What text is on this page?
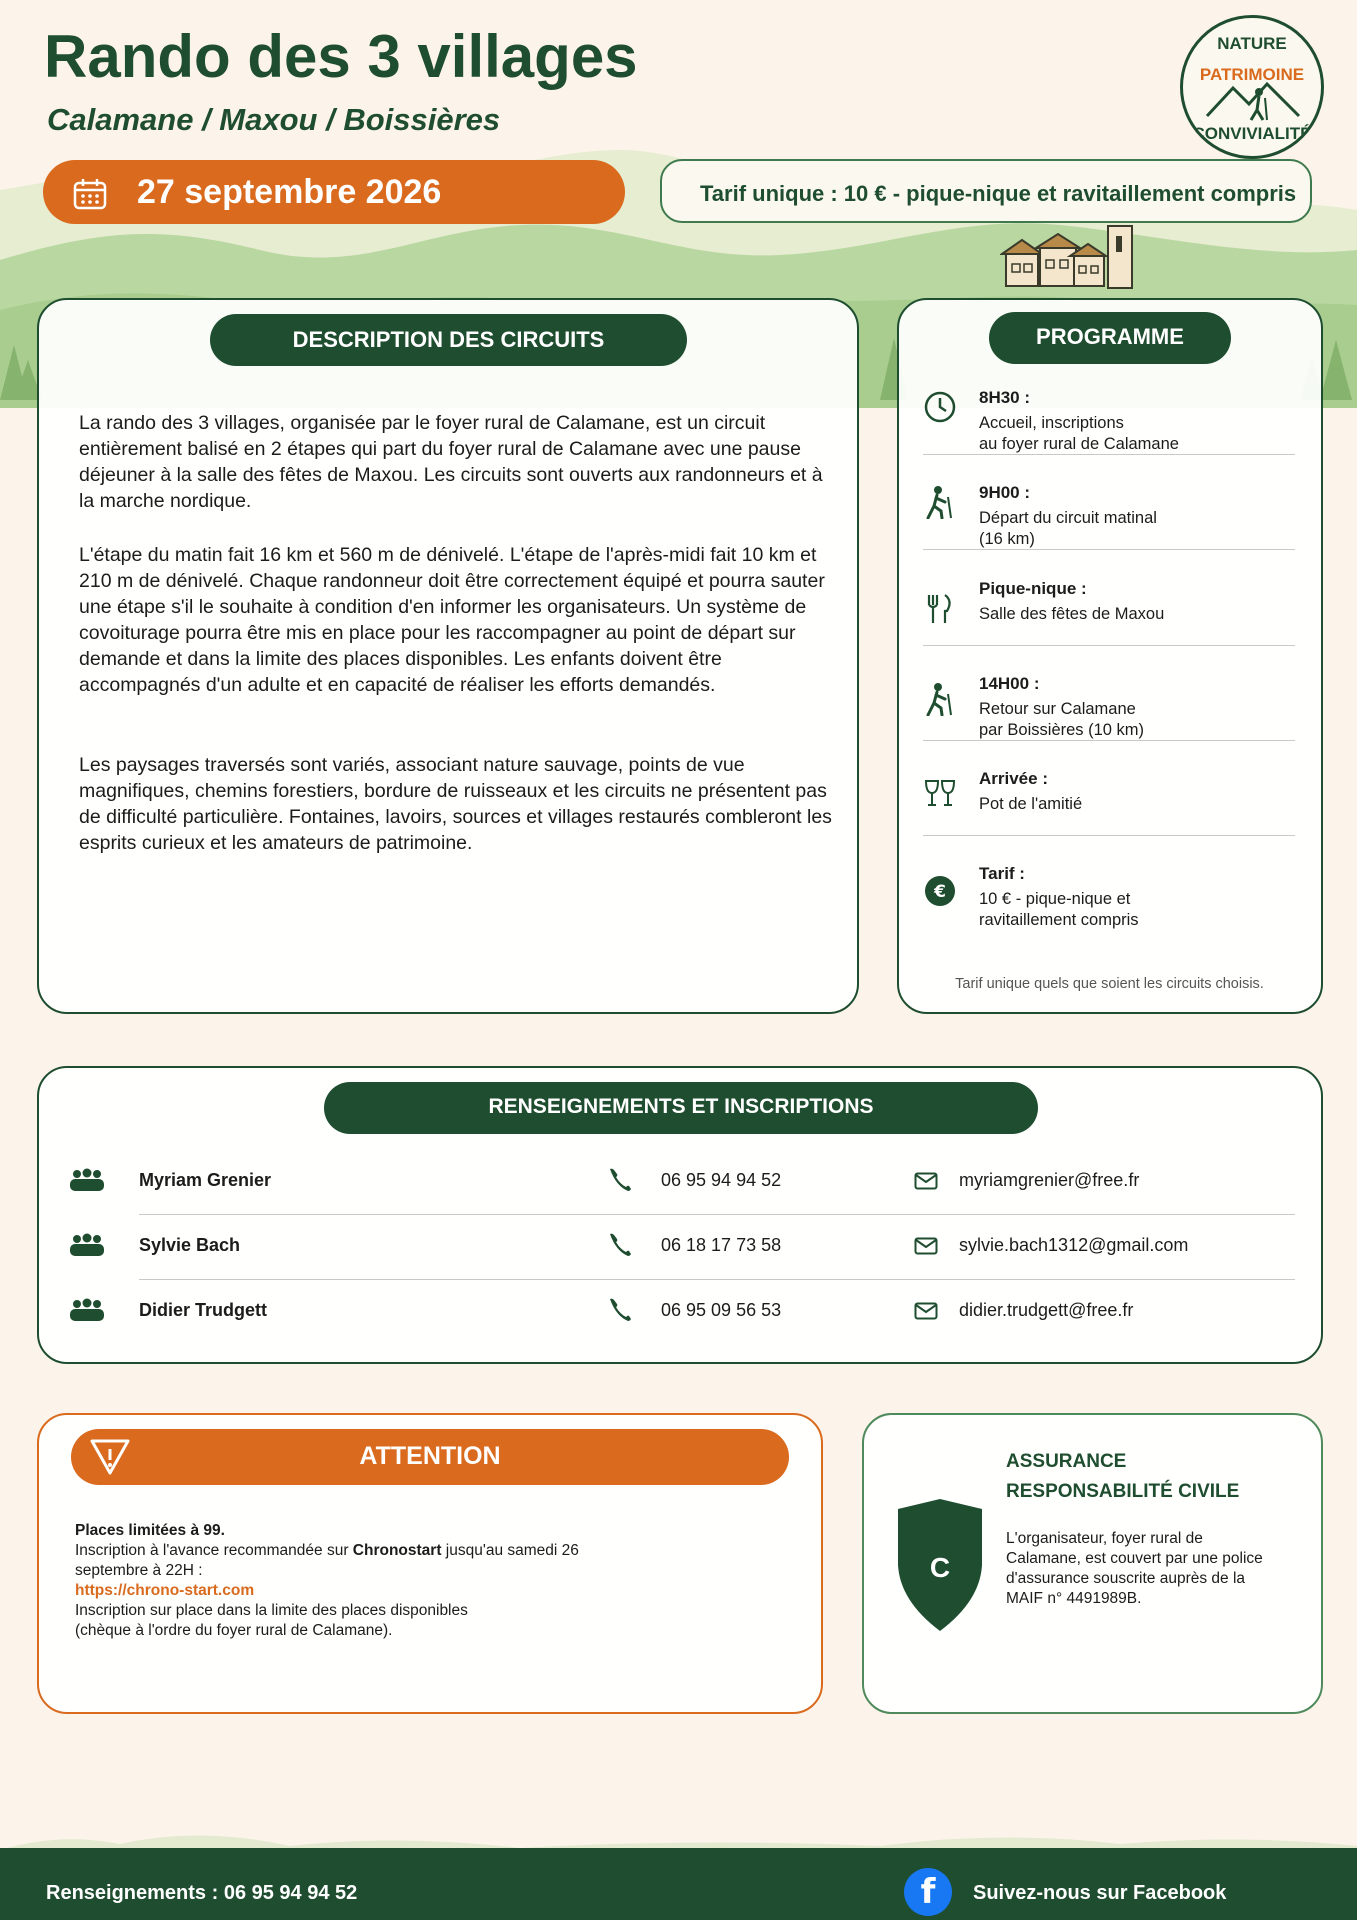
Rando des 3 villages
Calamane / Maxou / Boissières
27 septembre 2026	Tarif unique : 10 € - pique-nique et ravitaillement compris
NATURE
PATRIMOINE
CONVIVIALITÉ
DESCRIPTION DES CIRCUITS

La rando des 3 villages, organisée par le foyer rural de Calamane, est un circuit entièrement balisé en 2 étapes qui part du foyer rural de Calamane avec une pause déjeuner à la salle des fêtes de Maxou. Les circuits sont ouverts aux randonneurs et à la marche nordique.

L'étape du matin fait 16 km et 560 m de dénivelé. L'étape de l'après-midi fait 10 km et 210 m de dénivelé. Chaque randonneur doit être correctement équipé et pourra sauter une étape s'il le souhaite à condition d'en informer les organisateurs. Un système de covoiturage pourra être mis en place pour les raccompagner au point de départ sur demande et dans la limite des places disponibles. Les enfants doivent être accompagnés d'un adulte et en capacité de réaliser les efforts demandés.

Les paysages traversés sont variés, associant nature sauvage, points de vue magnifiques, chemins forestiers, bordure de ruisseaux et les circuits ne présentent pas de difficulté particulière. Fontaines, lavoirs, sources et villages restaurés combleront les esprits curieux et les amateurs de patrimoine.

PROGRAMME
8H30 :
Accueil, inscriptions
au foyer rural de Calamane
9H00 :
Départ du circuit matinal
(16 km)
Pique-nique :
Salle des fêtes de Maxou
14H00 :
Retour sur Calamane
par Boissières (10 km)
Arrivée :
Pot de l'amitié
€
Tarif :
10 € - pique-nique et
ravitaillement compris
Tarif unique quels que soient les circuits choisis.
RENSEIGNEMENTS ET INSCRIPTIONS
Myriam Grenier	06 95 94 94 52	myriamgrenier@free.fr
Sylvie Bach	06 18 17 73 58	sylvie.bach1312@gmail.com
Didier Trudgett	06 95 09 56 53	didier.trudgett@free.fr
ATTENTION
Places limitées à 99.
Inscription à l'avance recommandée sur Chronostart jusqu'au samedi 26
septembre à 22H :
https://chrono-start.com
Inscription sur place dans la limite des places disponibles
(chèque à l'ordre du foyer rural de Calamane).
C
ASSURANCE
RESPONSABILITÉ CIVILE
L'organisateur, foyer rural de
Calamane, est couvert par une police
d'assurance souscrite auprès de la
MAIF n° 4491989B.
Renseignements : 06 95 94 94 52	f	Suivez-nous sur Facebook
